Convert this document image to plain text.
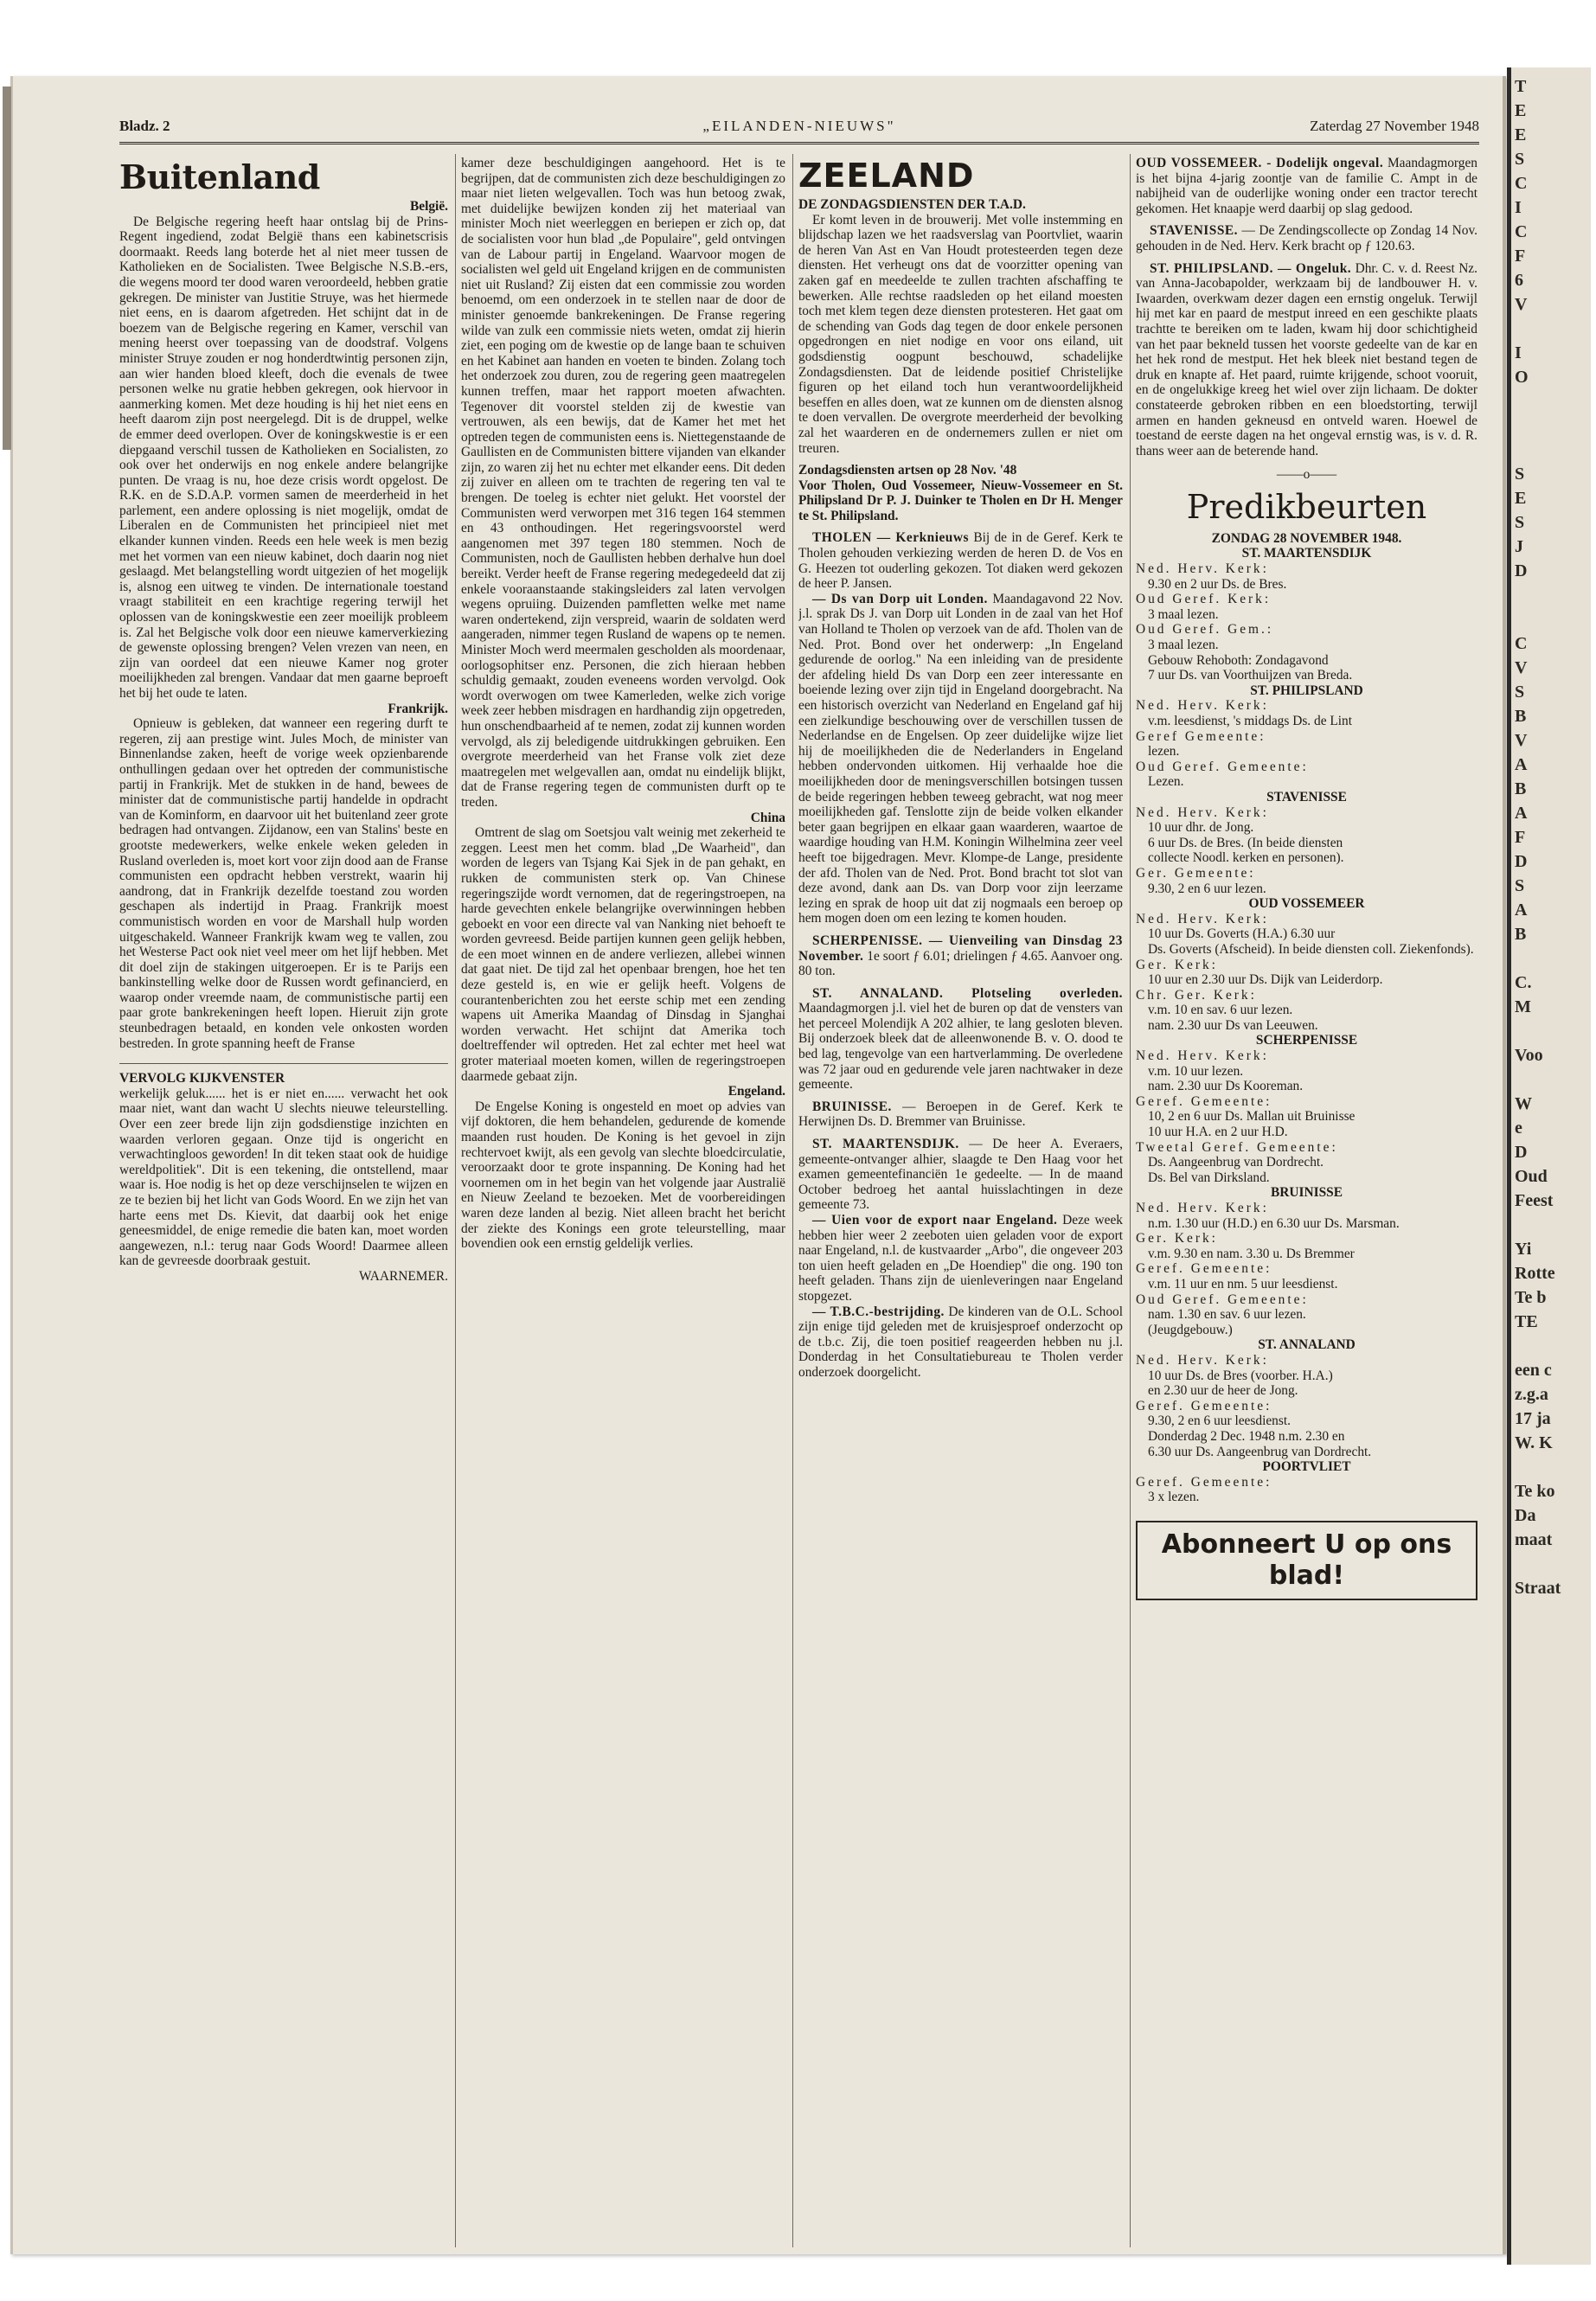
T
E
E
S
C
I
C
F
6
V

I
O

S
E
S
J
D

C
V
S
B
V
A
B
A
F
D
S
A
B

C.
M

Voo

W
e
D
Oud
Feest

Yi
Rotte
Te b
TE

een c
z.g.a
17 ja
W. K

Te ko
Da
maat

Straat
Bladz. 2	„EILANDEN-NIEUWS"	Zaterdag 27 November 1948
Buitenland

België.

De Belgische regering heeft haar ontslag bij de Prins-Regent ingediend, zodat België thans een kabinetscrisis doormaakt. Reeds lang boterde het al niet meer tussen de Katholieken en de Socialisten. Twee Belgische N.S.B.-ers, die wegens moord ter dood waren veroordeeld, hebben gratie gekregen. De minister van Justitie Struye, was het hiermede niet eens, en is daarom afgetreden. Het schijnt dat in de boezem van de Belgische regering en Kamer, verschil van mening heerst over toepassing van de doodstraf. Volgens minister Struye zouden er nog honderdtwintig personen zijn, aan wier handen bloed kleeft, doch die evenals de twee personen welke nu gratie hebben gekregen, ook hiervoor in aanmerking komen. Met deze houding is hij het niet eens en heeft daarom zijn post neergelegd. Dit is de druppel, welke de emmer deed overlopen. Over de koningskwestie is er een diepgaand verschil tussen de Katholieken en Socialisten, zo ook over het onderwijs en nog enkele andere belangrijke punten. De vraag is nu, hoe deze crisis wordt opgelost. De R.K. en de S.D.A.P. vormen samen de meerderheid in het parlement, een andere oplossing is niet mogelijk, omdat de Liberalen en de Communisten het principieel niet met elkander kunnen vinden. Reeds een hele week is men bezig met het vormen van een nieuw kabinet, doch daarin nog niet geslaagd. Met belangstelling wordt uitgezien of het mogelijk is, alsnog een uitweg te vinden. De internationale toestand vraagt stabiliteit en een krachtige regering terwijl het oplossen van de koningskwestie een zeer moeilijk probleem is. Zal het Belgische volk door een nieuwe kamerverkiezing de gewenste oplossing brengen? Velen vrezen van neen, en zijn van oordeel dat een nieuwe Kamer nog groter moeilijkheden zal brengen. Vandaar dat men gaarne beproeft het bij het oude te laten.

Frankrijk.

Opnieuw is gebleken, dat wanneer een regering durft te regeren, zij aan prestige wint. Jules Moch, de minister van Binnenlandse zaken, heeft de vorige week opzienbarende onthullingen gedaan over het optreden der communistische partij in Frankrijk. Met de stukken in de hand, bewees de minister dat de communistische partij handelde in opdracht van de Kominform, en daarvoor uit het buitenland zeer grote bedragen had ontvangen. Zijdanow, een van Stalins' beste en grootste medewerkers, welke enkele weken geleden in Rusland overleden is, moet kort voor zijn dood aan de Franse communisten een opdracht hebben verstrekt, waarin hij aandrong, dat in Frankrijk dezelfde toestand zou worden geschapen als indertijd in Praag. Frankrijk moest communistisch worden en voor de Marshall hulp worden uitgeschakeld. Wanneer Frankrijk kwam weg te vallen, zou het Westerse Pact ook niet veel meer om het lijf hebben. Met dit doel zijn de stakingen uitgeroepen. Er is te Parijs een bankinstelling welke door de Russen wordt gefinancierd, en waarop onder vreemde naam, de communistische partij een paar grote bankrekeningen heeft lopen. Hieruit zijn grote steunbedragen betaald, en konden vele onkosten worden bestreden. In grote spanning heeft de Franse

VERVOLG KIJKVENSTER

werkelijk geluk...... het is er niet en...... verwacht het ook maar niet, want dan wacht U slechts nieuwe teleurstelling. Over een zeer brede lijn zijn godsdienstige inzichten en waarden verloren gegaan. Onze tijd is ongericht en verwachtingloos geworden! In dit teken staat ook de huidige wereldpolitiek". Dit is een tekening, die ontstellend, maar waar is. Hoe nodig is het op deze verschijnselen te wijzen en ze te bezien bij het licht van Gods Woord. En we zijn het van harte eens met Ds. Kievit, dat daarbij ook het enige geneesmiddel, de enige remedie die baten kan, moet worden aangewezen, n.l.: terug naar Gods Woord! Daarmee alleen kan de gevreesde doorbraak gestuit.

WAARNEMER.

kamer deze beschuldigingen aangehoord. Het is te begrijpen, dat de communisten zich deze beschuldigingen zo maar niet lieten welgevallen. Toch was hun betoog zwak, met duidelijke bewijzen konden zij het materiaal van minister Moch niet weerleggen en beriepen er zich op, dat de socialisten voor hun blad „de Populaire", geld ontvingen van de Labour partij in Engeland. Waarvoor mogen de socialisten wel geld uit Engeland krijgen en de communisten niet uit Rusland? Zij eisten dat een commissie zou worden benoemd, om een onderzoek in te stellen naar de door de minister genoemde bankrekeningen. De Franse regering wilde van zulk een commissie niets weten, omdat zij hierin ziet, een poging om de kwestie op de lange baan te schuiven en het Kabinet aan handen en voeten te binden. Zolang toch het onderzoek zou duren, zou de regering geen maatregelen kunnen treffen, maar het rapport moeten afwachten. Tegenover dit voorstel stelden zij de kwestie van vertrouwen, als een bewijs, dat de Kamer het met het optreden tegen de communisten eens is. Niettegenstaande de Gaullisten en de Communisten bittere vijanden van elkander zijn, zo waren zij het nu echter met elkander eens. Dit deden zij zuiver en alleen om te trachten de regering ten val te brengen. De toeleg is echter niet gelukt. Het voorstel der Communisten werd verworpen met 316 tegen 164 stemmen en 43 onthoudingen. Het regeringsvoorstel werd aangenomen met 397 tegen 180 stemmen. Noch de Communisten, noch de Gaullisten hebben derhalve hun doel bereikt. Verder heeft de Franse regering medegedeeld dat zij enkele vooraanstaande stakingsleiders zal laten vervolgen wegens opruiing. Duizenden pamfletten welke met name waren ondertekend, zijn verspreid, waarin de soldaten werd aangeraden, nimmer tegen Rusland de wapens op te nemen. Minister Moch werd meermalen gescholden als moordenaar, oorlogsophitser enz. Personen, die zich hieraan hebben schuldig gemaakt, zouden eveneens worden vervolgd. Ook wordt overwogen om twee Kamerleden, welke zich vorige week zeer hebben misdragen en hardhandig zijn opgetreden, hun onschendbaarheid af te nemen, zodat zij kunnen worden vervolgd, als zij beledigende uitdrukkingen gebruiken. Een overgrote meerderheid van het Franse volk ziet deze maatregelen met welgevallen aan, omdat nu eindelijk blijkt, dat de Franse regering tegen de communisten durft op te treden.

China

Omtrent de slag om Soetsjou valt weinig met zekerheid te zeggen. Leest men het comm. blad „De Waarheid", dan worden de legers van Tsjang Kai Sjek in de pan gehakt, en rukken de communisten sterk op. Van Chinese regeringszijde wordt vernomen, dat de regeringstroepen, na harde gevechten enkele belangrijke overwinningen hebben geboekt en voor een directe val van Nanking niet behoeft te worden gevreesd. Beide partijen kunnen geen gelijk hebben, de een moet winnen en de andere verliezen, allebei winnen dat gaat niet. De tijd zal het openbaar brengen, hoe het ten deze gesteld is, en wie er gelijk heeft. Volgens de courantenberichten zou het eerste schip met een zending wapens uit Amerika Maandag of Dinsdag in Sjanghai worden verwacht. Het schijnt dat Amerika toch doeltreffender wil optreden. Het zal echter met heel wat groter materiaal moeten komen, willen de regeringstroepen daarmede gebaat zijn.

Engeland.

De Engelse Koning is ongesteld en moet op advies van vijf doktoren, die hem behandelen, gedurende de komende maanden rust houden. De Koning is het gevoel in zijn rechtervoet kwijt, als een gevolg van slechte bloedcirculatie, veroorzaakt door te grote inspanning. De Koning had het voornemen om in het begin van het volgende jaar Australië en Nieuw Zeeland te bezoeken. Met de voorbereidingen waren deze landen al bezig. Niet alleen bracht het bericht der ziekte des Konings een grote teleurstelling, maar bovendien ook een ernstig geldelijk verlies.

ZEELAND

DE ZONDAGSDIENSTEN DER T.A.D.

Er komt leven in de brouwerij. Met volle instemming en blijdschap lazen we het raadsverslag van Poortvliet, waarin de heren Van Ast en Van Houdt protesteerden tegen deze diensten. Het verheugt ons dat de voorzitter opening van zaken gaf en meedeelde te zullen trachten afschaffing te bewerken. Alle rechtse raadsleden op het eiland moesten toch met klem tegen deze diensten protesteren. Het gaat om de schending van Gods dag tegen de door enkele personen opgedrongen en niet nodige en voor ons eiland, uit godsdienstig oogpunt beschouwd, schadelijke Zondagsdiensten. Dat de leidende positief Christelijke figuren op het eiland toch hun verantwoordelijkheid beseffen en alles doen, wat ze kunnen om de diensten alsnog te doen vervallen. De overgrote meerderheid der bevolking zal het waarderen en de ondernemers zullen er niet om treuren.

Zondagsdiensten artsen op 28 Nov. '48

Voor Tholen, Oud Vossemeer, Nieuw-Vossemeer en St. Philipsland Dr P. J. Duinker te Tholen en Dr H. Menger te St. Philipsland.

THOLEN — Kerknieuws Bij de in de Geref. Kerk te Tholen gehouden verkiezing werden de heren D. de Vos en G. Heezen tot ouderling gekozen. Tot diaken werd gekozen de heer P. Jansen.

— Ds van Dorp uit Londen. Maandagavond 22 Nov. j.l. sprak Ds J. van Dorp uit Londen in de zaal van het Hof van Holland te Tholen op verzoek van de afd. Tholen van de Ned. Prot. Bond over het onderwerp: „In Engeland gedurende de oorlog." Na een inleiding van de presidente der afdeling hield Ds van Dorp een zeer interessante en boeiende lezing over zijn tijd in Engeland doorgebracht. Na een historisch overzicht van Nederland en Engeland gaf hij een zielkundige beschouwing over de verschillen tussen de Nederlandse en de Engelsen. Op zeer duidelijke wijze liet hij de moeilijkheden die de Nederlanders in Engeland hebben ondervonden uitkomen. Hij verhaalde hoe die moeilijkheden door de meningsverschillen botsingen tussen de beide regeringen hebben teweeg gebracht, wat nog meer moeilijkheden gaf. Tenslotte zijn de beide volken elkander beter gaan begrijpen en elkaar gaan waarderen, waartoe de waardige houding van H.M. Koningin Wilhelmina zeer veel heeft toe bijgedragen. Mevr. Klompe-de Lange, presidente der afd. Tholen van de Ned. Prot. Bond bracht tot slot van deze avond, dank aan Ds. van Dorp voor zijn leerzame lezing en sprak de hoop uit dat zij nogmaals een beroep op hem mogen doen om een lezing te komen houden.

SCHERPENISSE. — Uienveiling van Dinsdag 23 November. 1e soort ƒ 6.01; drielingen ƒ 4.65. Aanvoer ong. 80 ton.

ST. ANNALAND. Plotseling overleden. Maandagmorgen j.l. viel het de buren op dat de vensters van het perceel Molendijk A 202 alhier, te lang gesloten bleven. Bij onderzoek bleek dat de alleenwonende B. v. O. dood te bed lag, tengevolge van een hartverlamming. De overledene was 72 jaar oud en gedurende vele jaren nachtwaker in deze gemeente.

BRUINISSE. — Beroepen in de Geref. Kerk te Herwijnen Ds. D. Bremmer van Bruinisse.

ST. MAARTENSDIJK. — De heer A. Everaers, gemeente-ontvanger alhier, slaagde te Den Haag voor het examen gemeentefinanciën 1e gedeelte. — In de maand October bedroeg het aantal huisslachtingen in deze gemeente 73.

— Uien voor de export naar Engeland. Deze week hebben hier weer 2 zeeboten uien geladen voor de export naar Engeland, n.l. de kustvaarder „Arbo", die ongeveer 203 ton uien heeft geladen en „De Hoendiep" die ong. 190 ton heeft geladen. Thans zijn de uienleveringen naar Engeland stopgezet.

— T.B.C.-bestrijding. De kinderen van de O.L. School zijn enige tijd geleden met de kruisjesproef onderzocht op de t.b.c. Zij, die toen positief reageerden hebben nu j.l. Donderdag in het Consultatiebureau te Tholen verder onderzoek doorgelicht.

OUD VOSSEMEER. - Dodelijk ongeval. Maandagmorgen is het bijna 4-jarig zoontje van de familie C. Ampt in de nabijheid van de ouderlijke woning onder een tractor terecht gekomen. Het knaapje werd daarbij op slag gedood.

STAVENISSE. — De Zendingscollecte op Zondag 14 Nov. gehouden in de Ned. Herv. Kerk bracht op ƒ 120.63.

ST. PHILIPSLAND. — Ongeluk. Dhr. C. v. d. Reest Nz. van Anna-Jacobapolder, werkzaam bij de landbouwer H. v. Iwaarden, overkwam dezer dagen een ernstig ongeluk. Terwijl hij met kar en paard de mestput inreed en een geschikte plaats trachtte te bereiken om te laden, kwam hij door schichtigheid van het paar bekneld tussen het voorste gedeelte van de kar en het hek rond de mestput. Het hek bleek niet bestand tegen de druk en knapte af. Het paard, ruimte krijgende, schoot vooruit, en de ongelukkige kreeg het wiel over zijn lichaam. De dokter constateerde gebroken ribben en een bloedstorting, terwijl armen en handen gekneusd en ontveld waren. Hoewel de toestand de eerste dagen na het ongeval ernstig was, is v. d. R. thans weer aan de beterende hand.

——o——

Predikbeurten

ZONDAG 28 NOVEMBER 1948.

ST. MAARTENSDIJK

Ned. Herv. Kerk:

9.30 en 2 uur Ds. de Bres.

Oud Geref. Kerk:

3 maal lezen.

Oud Geref. Gem.:

3 maal lezen.

Gebouw Rehoboth: Zondagavond

7 uur Ds. van Voorthuijzen van Breda.

ST. PHILIPSLAND

Ned. Herv. Kerk:

v.m. leesdienst, 's middags Ds. de Lint

Geref Gemeente:

lezen.

Oud Geref. Gemeente:

Lezen.

STAVENISSE

Ned. Herv. Kerk:

10 uur dhr. de Jong.

6 uur Ds. de Bres. (In beide diensten

collecte Noodl. kerken en personen).

Ger. Gemeente:

9.30, 2 en 6 uur lezen.

OUD VOSSEMEER

Ned. Herv. Kerk:

10 uur Ds. Goverts (H.A.) 6.30 uur

Ds. Goverts (Afscheid). In beide diensten coll. Ziekenfonds).

Ger. Kerk:

10 uur en 2.30 uur Ds. Dijk van Leiderdorp.

Chr. Ger. Kerk:

v.m. 10 en sav. 6 uur lezen.

nam. 2.30 uur Ds van Leeuwen.

SCHERPENISSE

Ned. Herv. Kerk:

v.m. 10 uur lezen.

nam. 2.30 uur Ds Kooreman.

Geref. Gemeente:

10, 2 en 6 uur Ds. Mallan uit Bruinisse

10 uur H.A. en 2 uur H.D.

Tweetal Geref. Gemeente:

Ds. Aangeenbrug van Dordrecht.

Ds. Bel van Dirksland.

BRUINISSE

Ned. Herv. Kerk:

n.m. 1.30 uur (H.D.) en 6.30 uur Ds. Marsman.

Ger. Kerk:

v.m. 9.30 en nam. 3.30 u. Ds Bremmer

Geref. Gemeente:

v.m. 11 uur en nm. 5 uur leesdienst.

Oud Geref. Gemeente:

nam. 1.30 en sav. 6 uur lezen.

(Jeugdgebouw.)

ST. ANNALAND

Ned. Herv. Kerk:

10 uur Ds. de Bres (voorber. H.A.)

en 2.30 uur de heer de Jong.

Geref. Gemeente:

9.30, 2 en 6 uur leesdienst.

Donderdag 2 Dec. 1948 n.m. 2.30 en

6.30 uur Ds. Aangeenbrug van Dordrecht.

POORTVLIET

Geref. Gemeente:

3 x lezen.

Abonneert U op ons blad!
